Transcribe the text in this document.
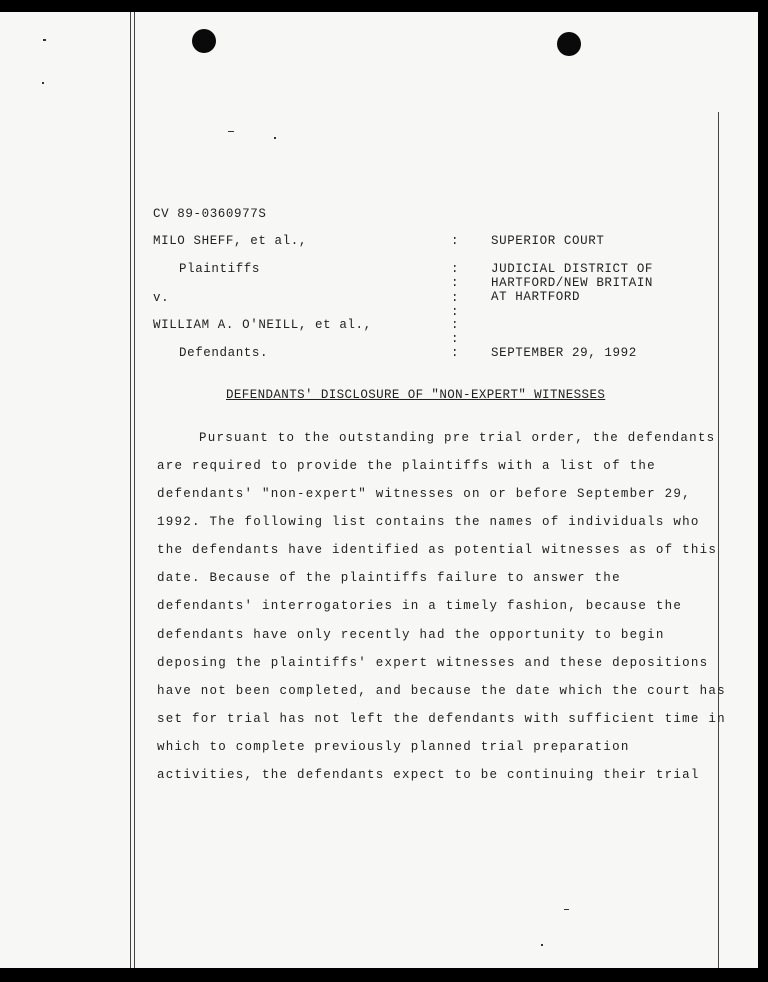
CV 89-0360977S
MILO SHEFF, et al.,
Plaintiffs
v.
WILLIAM A. O'NEILL, et al.,
Defendants.
:
:
:
:
:
:
:
:
SUPERIOR COURT
JUDICIAL DISTRICT OF
HARTFORD/NEW BRITAIN
AT HARTFORD
SEPTEMBER 29, 1992
DEFENDANTS' DISCLOSURE OF "NON-EXPERT" WITNESSES
Pursuant to the outstanding pre trial order, the defendants
are required to provide the plaintiffs with a list of the
defendants' "non-expert" witnesses on or before September 29,
1992. The following list contains the names of individuals who
the defendants have identified as potential witnesses as of this
date. Because of the plaintiffs failure to answer the
defendants' interrogatories in a timely fashion, because the
defendants have only recently had the opportunity to begin
deposing the plaintiffs' expert witnesses and these depositions
have not been completed, and because the date which the court has
set for trial has not left the defendants with sufficient time in
which to complete previously planned trial preparation
activities, the defendants expect to be continuing their trial
